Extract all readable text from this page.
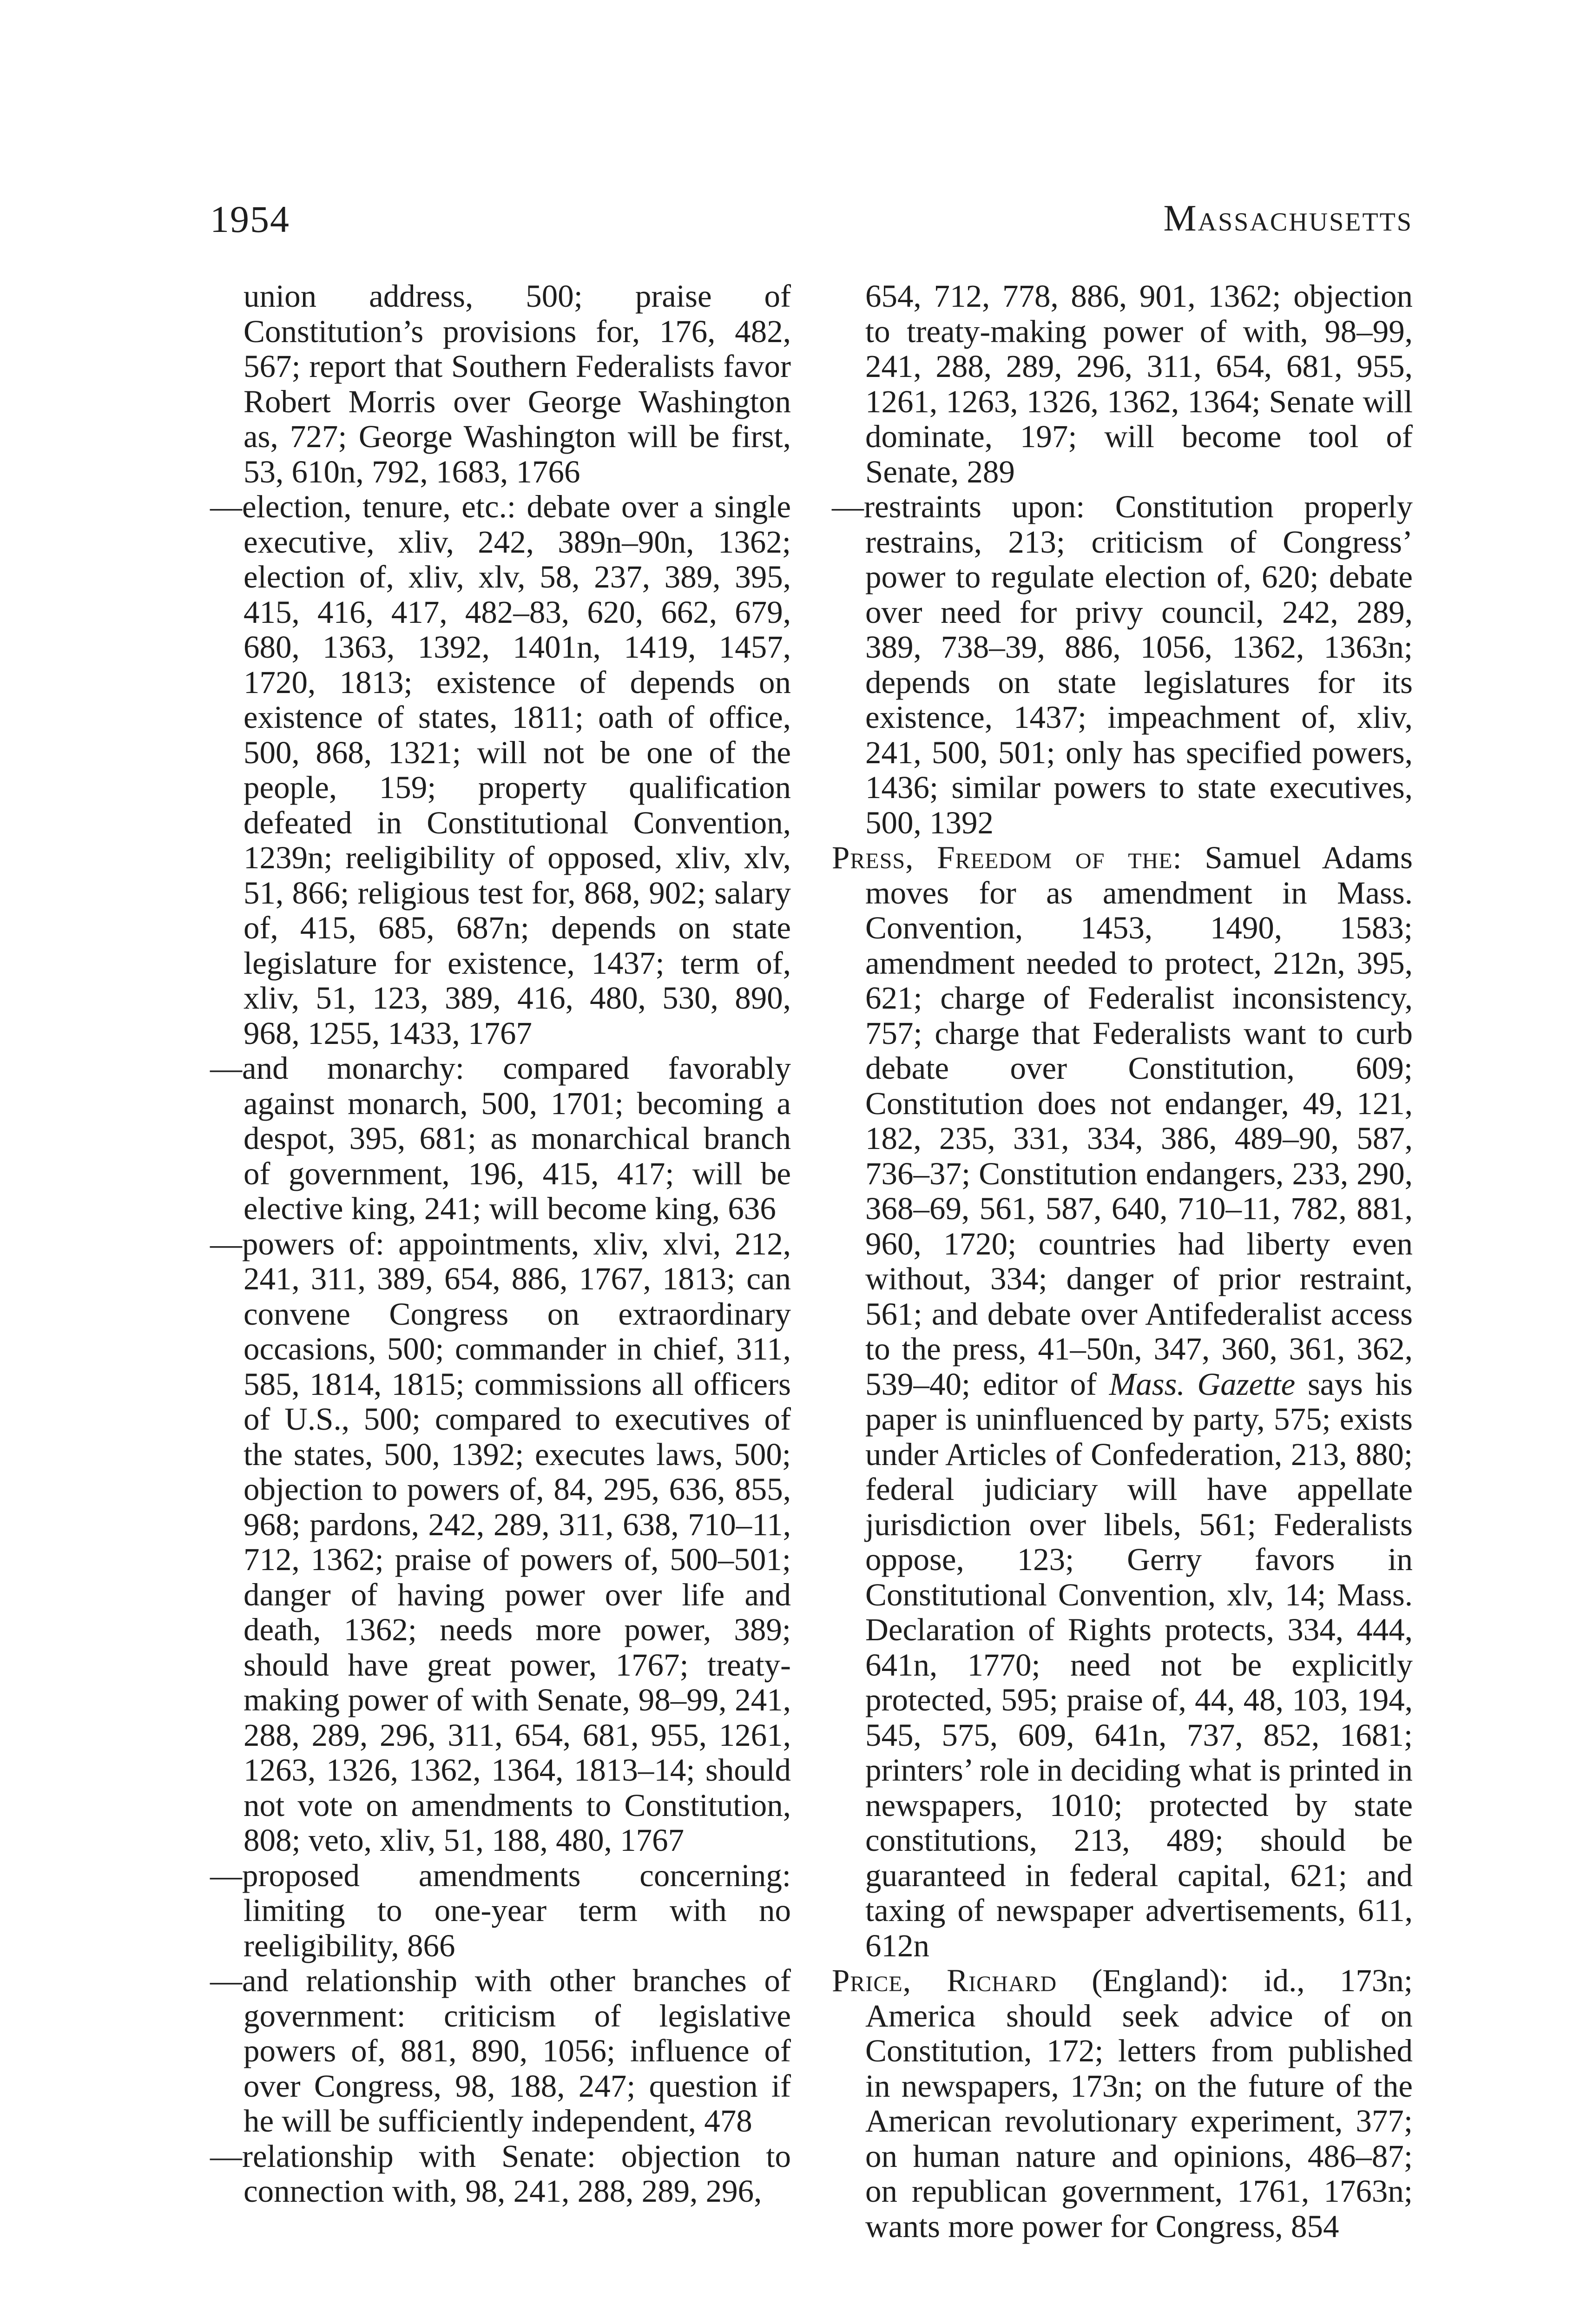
1954	Massachusetts

union address, 500; praise of Constitution’s provisions for, 176, 482, 567; report that Southern Federalists favor Robert Morris over George Washington as, 727; George Washington will be first, 53, 610n, 792, 1683, 1766

—election, tenure, etc.: debate over a single executive, xliv, 242, 389n–90n, 1362; election of, xliv, xlv, 58, 237, 389, 395, 415, 416, 417, 482–83, 620, 662, 679, 680, 1363, 1392, 1401n, 1419, 1457, 1720, 1813; existence of depends on existence of states, 1811; oath of office, 500, 868, 1321; will not be one of the people, 159; property qualification defeated in Constitutional Convention, 1239n; reeligibility of opposed, xliv, xlv, 51, 866; religious test for, 868, 902; salary of, 415, 685, 687n; depends on state legislature for existence, 1437; term of, xliv, 51, 123, 389, 416, 480, 530, 890, 968, 1255, 1433, 1767

—and monarchy: compared favorably against monarch, 500, 1701; becoming a despot, 395, 681; as monarchical branch of government, 196, 415, 417; will be elective king, 241; will become king, 636

—powers of: appointments, xliv, xlvi, 212, 241, 311, 389, 654, 886, 1767, 1813; can convene Congress on extraordinary occasions, 500; commander in chief, 311, 585, 1814, 1815; commissions all officers of U.S., 500; compared to executives of the states, 500, 1392; executes laws, 500; objection to powers of, 84, 295, 636, 855, 968; pardons, 242, 289, 311, 638, 710–11, 712, 1362; praise of powers of, 500–501; danger of having power over life and death, 1362; needs more power, 389; should have great power, 1767; treaty-making power of with Senate, 98–99, 241, 288, 289, 296, 311, 654, 681, 955, 1261, 1263, 1326, 1362, 1364, 1813–14; should not vote on amendments to Constitution, 808; veto, xliv, 51, 188, 480, 1767

—proposed amendments concerning: limiting to one-year term with no reeligibility, 866

—and relationship with other branches of government: criticism of legislative powers of, 881, 890, 1056; influence of over Congress, 98, 188, 247; question if he will be sufficiently independent, 478

—relationship with Senate: objection to connection with, 98, 241, 288, 289, 296,

654, 712, 778, 886, 901, 1362; objection to treaty-making power of with, 98–99, 241, 288, 289, 296, 311, 654, 681, 955, 1261, 1263, 1326, 1362, 1364; Senate will dominate, 197; will become tool of Senate, 289

—restraints upon: Constitution properly restrains, 213; criticism of Congress’ power to regulate election of, 620; debate over need for privy council, 242, 289, 389, 738–39, 886, 1056, 1362, 1363n; depends on state legislatures for its existence, 1437; impeachment of, xliv, 241, 500, 501; only has specified powers, 1436; similar powers to state executives, 500, 1392

Press, Freedom of the: Samuel Adams moves for as amendment in Mass. Convention, 1453, 1490, 1583; amendment needed to protect, 212n, 395, 621; charge of Federalist inconsistency, 757; charge that Federalists want to curb debate over Constitution, 609; Constitution does not endanger, 49, 121, 182, 235, 331, 334, 386, 489–90, 587, 736–37; Constitution endangers, 233, 290, 368–69, 561, 587, 640, 710–11, 782, 881, 960, 1720; countries had liberty even without, 334; danger of prior restraint, 561; and debate over Antifederalist access to the press, 41–50n, 347, 360, 361, 362, 539–40; editor of Mass. Gazette says his paper is uninfluenced by party, 575; exists under Articles of Confederation, 213, 880; federal judiciary will have appellate jurisdiction over libels, 561; Federalists oppose, 123; Gerry favors in Constitutional Convention, xlv, 14; Mass. Declaration of Rights protects, 334, 444, 641n, 1770; need not be explicitly protected, 595; praise of, 44, 48, 103, 194, 545, 575, 609, 641n, 737, 852, 1681; printers’ role in deciding what is printed in newspapers, 1010; protected by state constitutions, 213, 489; should be guaranteed in federal capital, 621; and taxing of newspaper advertisements, 611, 612n

Price, Richard (England): id., 173n; America should seek advice of on Constitution, 172; letters from published in newspapers, 173n; on the future of the American revolutionary experiment, 377; on human nature and opinions, 486–87; on republican government, 1761, 1763n; wants more power for Congress, 854
